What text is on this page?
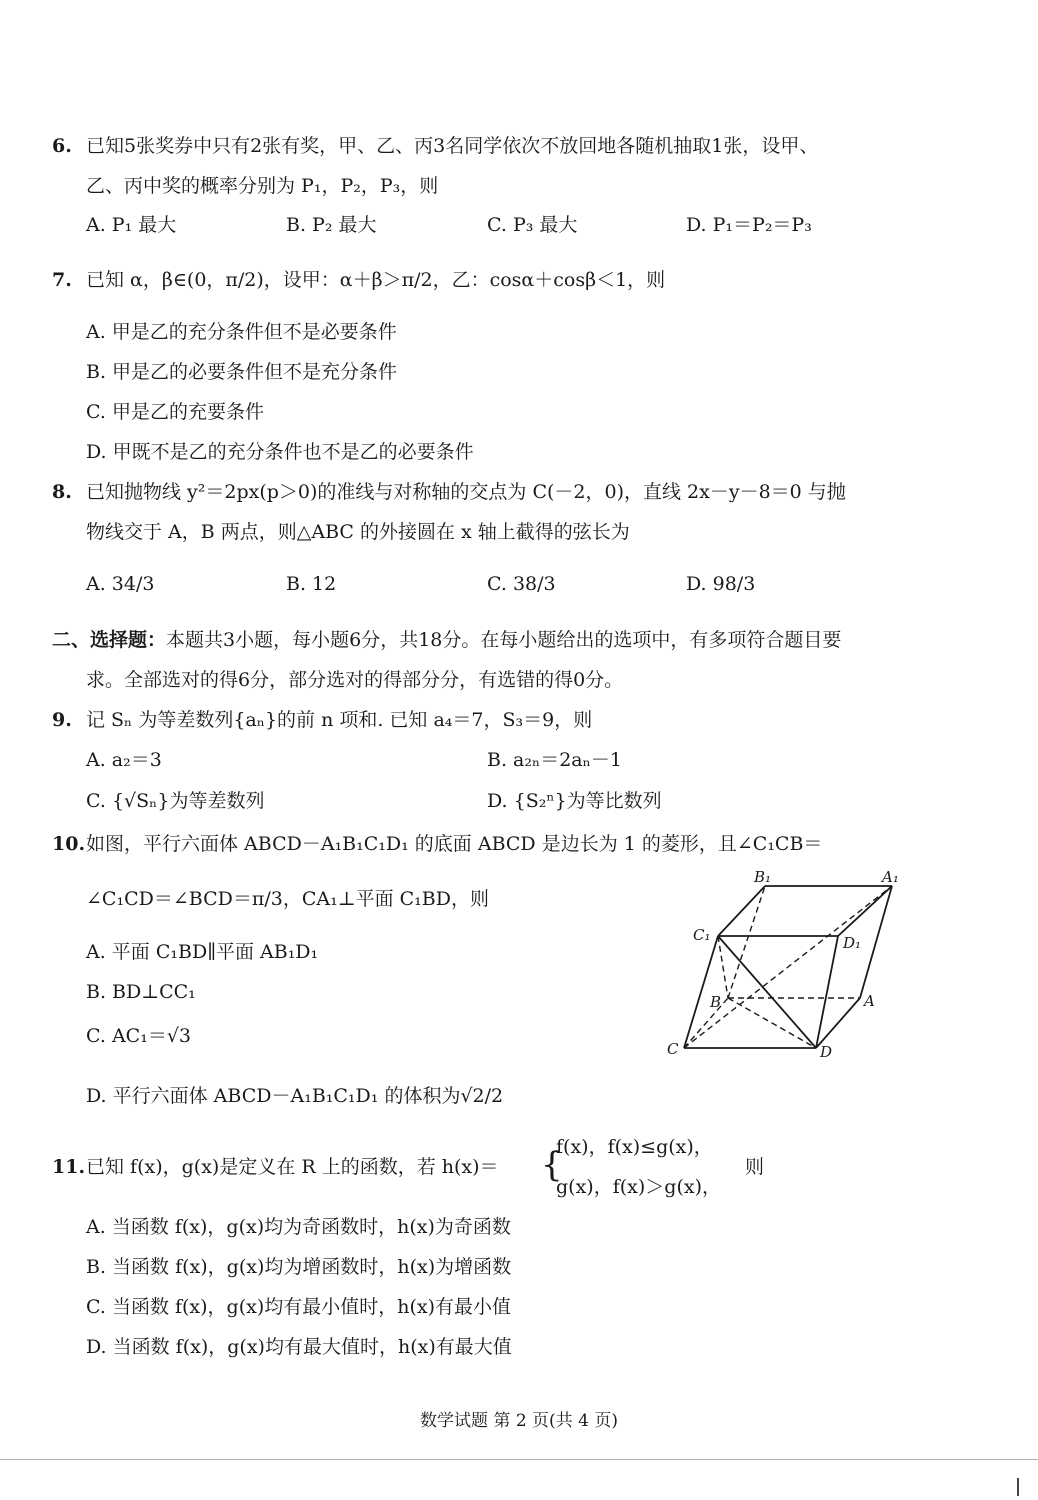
6. 已知5张奖券中只有2张有奖，甲、乙、丙3名同学依次不放回地各随机抽取1张，设甲、
乙、丙中奖的概率分别为 P₁，P₂，P₃，则
A. P₁ 最大	B. P₂ 最大	C. P₃ 最大	D. P₁＝P₂＝P₃
7. 已知 α，β∈(0，π/2)，设甲：α＋β＞π/2，乙：cosα＋cosβ＜1，则
A. 甲是乙的充分条件但不是必要条件
B. 甲是乙的必要条件但不是充分条件
C. 甲是乙的充要条件
D. 甲既不是乙的充分条件也不是乙的必要条件
8. 已知抛物线 y²＝2px(p＞0)的准线与对称轴的交点为 C(－2，0)，直线 2x－y－8＝0 与抛
物线交于 A，B 两点，则△ABC 的外接圆在 x 轴上截得的弦长为
A. 34/3	B. 12	C. 38/3	D. 98/3
二、选择题：本题共3小题，每小题6分，共18分。在每小题给出的选项中，有多项符合题目要
求。全部选对的得6分，部分选对的得部分分，有选错的得0分。
9. 记 Sₙ 为等差数列{aₙ}的前 n 项和. 已知 a₄＝7，S₃＝9，则
A. a₂＝3	B. a₂ₙ＝2aₙ－1
C. {√Sₙ}为等差数列	D. {S₂ⁿ}为等比数列
10. 如图，平行六面体 ABCD－A₁B₁C₁D₁ 的底面 ABCD 是边长为 1 的菱形，且∠C₁CB＝
∠C₁CD＝∠BCD＝π/3，CA₁⊥平面 C₁BD，则
A. 平面 C₁BD∥平面 AB₁D₁
B. BD⊥CC₁
C. AC₁＝√3
D. 平行六面体 ABCD－A₁B₁C₁D₁ 的体积为√2/2
B₁	A₁
C₁	D₁
B	A
C	D
11. 已知 f(x)，g(x)是定义在 R 上的函数，若 h(x)＝ {
f(x)，f(x)≤g(x)，
g(x)，f(x)＞g(x)，
则
A. 当函数 f(x)，g(x)均为奇函数时，h(x)为奇函数
B. 当函数 f(x)，g(x)均为增函数时，h(x)为增函数
C. 当函数 f(x)，g(x)均有最小值时，h(x)有最小值
D. 当函数 f(x)，g(x)均有最大值时，h(x)有最大值
数学试题 第 2 页(共 4 页)
